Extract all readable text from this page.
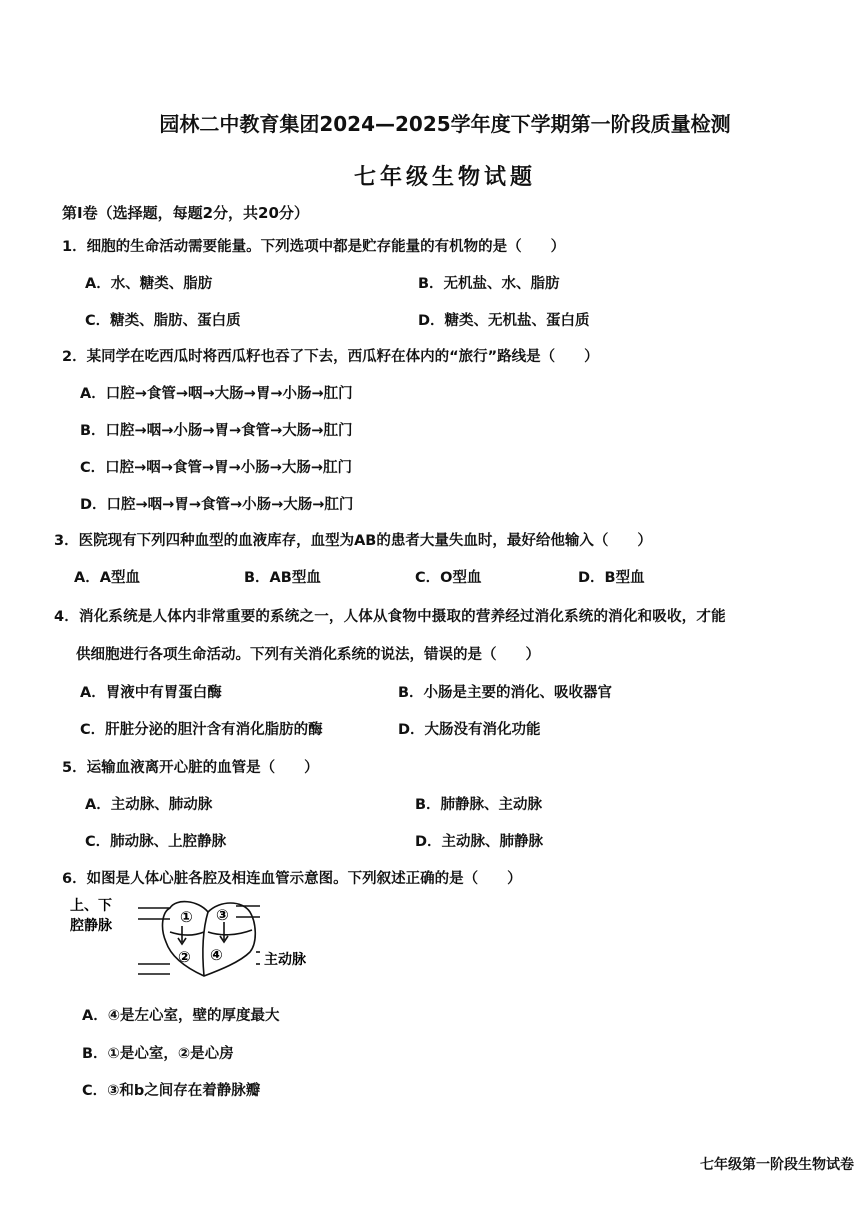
园林二中教育集团2024—2025学年度下学期第一阶段质量检测
七年级生物试题
第Ⅰ卷（选择题，每题2分，共20分）
1．细胞的生命活动需要能量。下列选项中都是贮存能量的有机物的是（　　）
A．水、糖类、脂肪	B．无机盐、水、脂肪
C．糖类、脂肪、蛋白质	D．糖类、无机盐、蛋白质
2．某同学在吃西瓜时将西瓜籽也吞了下去，西瓜籽在体内的“旅行”路线是（　　）
A．口腔→食管→咽→大肠→胃→小肠→肛门
B．口腔→咽→小肠→胃→食管→大肠→肛门
C．口腔→咽→食管→胃→小肠→大肠→肛门
D．口腔→咽→胃→食管→小肠→大肠→肛门
3．医院现有下列四种血型的血液库存，血型为AB的患者大量失血时，最好给他输入（　　）
A．A型血	B．AB型血	C．O型血	D．B型血
4．消化系统是人体内非常重要的系统之一，人体从食物中摄取的营养经过消化系统的消化和吸收，才能
供细胞进行各项生命活动。下列有关消化系统的说法，错误的是（　　）
A．胃液中有胃蛋白酶	B．小肠是主要的消化、吸收器官
C．肝脏分泌的胆汁含有消化脂肪的酶	D．大肠没有消化功能
5．运输血液离开心脏的血管是（　　）
A．主动脉、肺动脉	B．肺静脉、主动脉
C．肺动脉、上腔静脉	D．主动脉、肺静脉
6．如图是人体心脏各腔及相连血管示意图。下列叙述正确的是（　　）
上、下
腔静脉	①
②
③
④	主动脉
A．④是左心室，壁的厚度最大
B．①是心室，②是心房
C．③和b之间存在着静脉瓣
七年级第一阶段生物试卷
